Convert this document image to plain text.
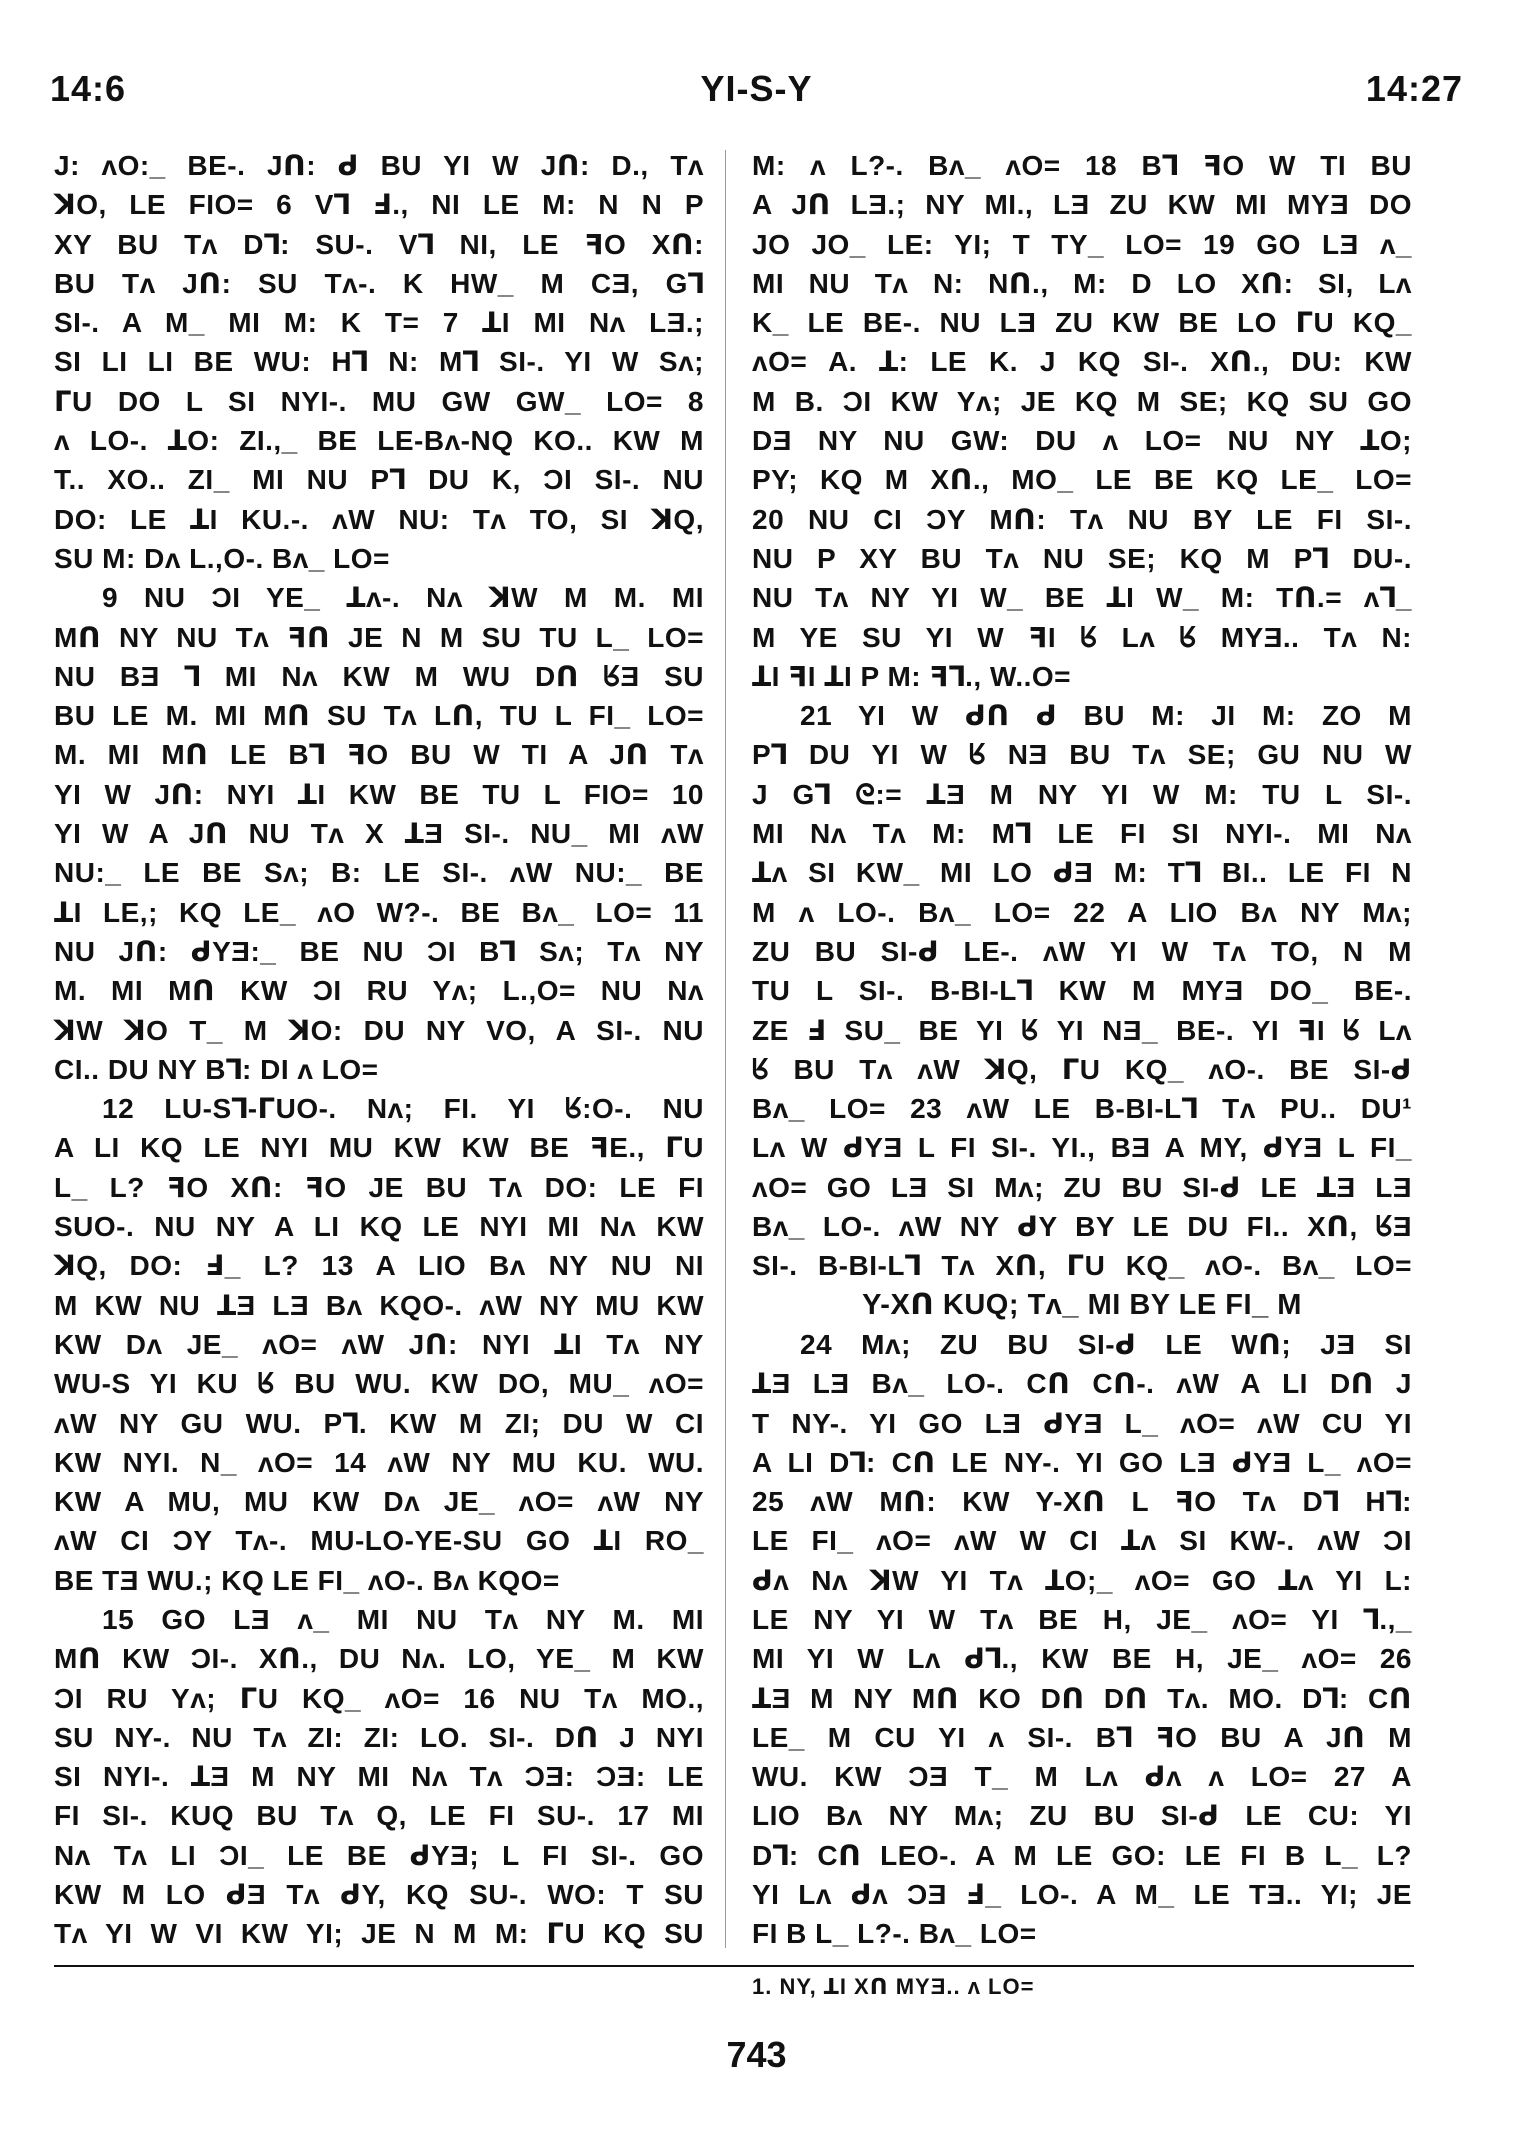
14:6	YI-S-Y	14:27
J: ʌO:_ BE-. Jᑎ: ᑯ BU YI W Jᑎ: D., Tʌ
ꓘO, LE FIO= 6 V⅂ Ⅎ., NI LE M: N N P
XY BU Tʌ D⅂: SU-. V⅂ NI, LE ꟻO Xᑎ:
BU Tʌ Jᑎ: SU Tʌ-. K HW_ M CƎ, G⅂
SI-. A M_ MI M: K T= 7 ꓕI MI Nʌ LƎ.;
SI LI LI BE WU: H⅂ N: M⅂ SI-. YI W Sʌ;
ᒥU DO L SI NYI-. MU GW GW_ LO= 8
ʌ LO-. ꓕO: ZI.,_ BE LE-Bʌ-NQ KO.. KW M
T.. XO.. ZI_ MI NU P⅂ DU K, ƆI SI-. NU
DO: LE ꓕI KU.-. ʌW NU: Tʌ TO, SI ꓘQ,
SU M: Dʌ L.,O-. Bʌ_ LO=
9 NU ƆI YE_ ꓕʌ-. Nʌ ꓘW M M. MI
Mᑎ NY NU Tʌ ꟻᑎ JE N M SU TU L_ LO=
NU BƎ ⅂ MI Nʌ KW M WU Dᑎ ᖉƎ SU
BU LE M. MI Mᑎ SU Tʌ Lᑎ, TU L FI_ LO=
M. MI Mᑎ LE B⅂ ꟻO BU W TI A Jᑎ Tʌ
YI W Jᑎ: NYI ꓕI KW BE TU L FIO= 10
YI W A Jᑎ NU Tʌ X ꓕƎ SI-. NU_ MI ʌW
NU:_ LE BE Sʌ; B: LE SI-. ʌW NU:_ BE
ꓕI LE,; KQ LE_ ʌO W?-. BE Bʌ_ LO= 11
NU Jᑎ: ᑯYƎ:_ BE NU ƆI B⅂ Sʌ; Tʌ NY
M. MI Mᑎ KW ƆI RU Yʌ; L.,O= NU Nʌ
ꓘW ꓘO T_ M ꓘO: DU NY VO, A SI-. NU
CI.. DU NY B⅂: DI ʌ LO=
12 LU-S⅂-ᒥUO-. Nʌ; FI. YI ᖉ:O-. NU
A LI KQ LE NYI MU KW KW BE ꟻE., ᒥU
L_ L? ꟻO Xᑎ: ꟻO JE BU Tʌ DO: LE FI
SUO-. NU NY A LI KQ LE NYI MI Nʌ KW
ꓘQ, DO: Ⅎ_ L? 13 A LIO Bʌ NY NU NI
M KW NU ꓕƎ LƎ Bʌ KQO-. ʌW NY MU KW
KW Dʌ JE_ ʌO= ʌW Jᑎ: NYI ꓕI Tʌ NY
WU-S YI KU ᖉ BU WU. KW DO, MU_ ʌO=
ʌW NY GU WU. P⅂. KW M ZI; DU W CI
KW NYI. N_ ʌO= 14 ʌW NY MU KU. WU.
KW A MU, MU KW Dʌ JE_ ʌO= ʌW NY
ʌW CI ƆY Tʌ-. MU-LO-YE-SU GO ꓕI RO_
BE TƎ WU.; KQ LE FI_ ʌO-. Bʌ KQO=
15 GO LƎ ʌ_ MI NU Tʌ NY M. MI
Mᑎ KW ƆI-. Xᑎ., DU Nʌ. LO, YE_ M KW
ƆI RU Yʌ; ᒥU KQ_ ʌO= 16 NU Tʌ MO.,
SU NY-. NU Tʌ ZI: ZI: LO. SI-. Dᑎ J NYI
SI NYI-. ꓕƎ M NY MI Nʌ Tʌ ƆƎ: ƆƎ: LE
FI SI-. KUQ BU Tʌ Q, LE FI SU-. 17 MI
Nʌ Tʌ LI ƆI_ LE BE ᑯYƎ; L FI SI-. GO
KW M LO ᑯƎ Tʌ ᑯY, KQ SU-. WO: T SU
Tʌ YI W VI KW YI; JE N M M: ᒥU KQ SU
M: ʌ L?-. Bʌ_ ʌO= 18 B⅂ ꟻO W TI BU
A Jᑎ LƎ.; NY MI., LƎ ZU KW MI MYƎ DO
JO JO_ LE: YI; T TY_ LO= 19 GO LƎ ʌ_
MI NU Tʌ N: Nᑎ., M: D LO Xᑎ: SI, Lʌ
K_ LE BE-. NU LƎ ZU KW BE LO ᒥU KQ_
ʌO= A. ꓕ: LE K. J KQ SI-. Xᑎ., DU: KW
M B. ƆI KW Yʌ; JE KQ M SE; KQ SU GO
DƎ NY NU GW: DU ʌ LO= NU NY ꓕO;
PY; KQ M Xᑎ., MO_ LE BE KQ LE_ LO=
20 NU CI ƆY Mᑎ: Tʌ NU BY LE FI SI-.
NU P XY BU Tʌ NU SE; KQ M P⅂ DU-.
NU Tʌ NY YI W_ BE ꓕI W_ M: Tᑎ.= ʌ⅂_
M YE SU YI W ꟻI ᖉ Lʌ ᖉ MYƎ.. Tʌ N:
ꓕI ꟻI ꓕI P M: ꟻ⅂., W..O=
21 YI W ᑯᑎ ᑯ BU M: JI M: ZO M
P⅂ DU YI W ᖉ NƎ BU Tʌ SE; GU NU W
J G⅂ ᘓ:= ꓕƎ M NY YI W M: TU L SI-.
MI Nʌ Tʌ M: M⅂ LE FI SI NYI-. MI Nʌ
ꓕʌ SI KW_ MI LO ᑯƎ M: T⅂ BI.. LE FI N
M ʌ LO-. Bʌ_ LO= 22 A LIO Bʌ NY Mʌ;
ZU BU SI-ᑯ LE-. ʌW YI W Tʌ TO, N M
TU L SI-. B-BI-L⅂ KW M MYƎ DO_ BE-.
ZE Ⅎ SU_ BE YI ᖉ YI NƎ_ BE-. YI ꟻI ᖉ Lʌ
ᖉ BU Tʌ ʌW ꓘQ, ᒥU KQ_ ʌO-. BE SI-ᑯ
Bʌ_ LO= 23 ʌW LE B-BI-L⅂ Tʌ PU.. DU¹
Lʌ W ᑯYƎ L FI SI-. YI., BƎ A MY, ᑯYƎ L FI_
ʌO= GO LƎ SI Mʌ; ZU BU SI-ᑯ LE ꓕƎ LƎ
Bʌ_ LO-. ʌW NY ᑯY BY LE DU FI.. Xᑎ, ᖉƎ
SI-. B-BI-L⅂ Tʌ Xᑎ, ᒥU KQ_ ʌO-. Bʌ_ LO=
Y-Xᑎ KUQ; Tʌ_ MI BY LE FI_ M
24 Mʌ; ZU BU SI-ᑯ LE Wᑎ; JƎ SI
ꓕƎ LƎ Bʌ_ LO-. Cᑎ Cᑎ-. ʌW A LI Dᑎ J
T NY-. YI GO LƎ ᑯYƎ L_ ʌO= ʌW CU YI
A LI D⅂: Cᑎ LE NY-. YI GO LƎ ᑯYƎ L_ ʌO=
25 ʌW Mᑎ: KW Y-Xᑎ L ꟻO Tʌ D⅂ H⅂:
LE FI_ ʌO= ʌW W CI ꓕʌ SI KW-. ʌW ƆI
ᑯʌ Nʌ ꓘW YI Tʌ ꓕO;_ ʌO= GO ꓕʌ YI L:
LE NY YI W Tʌ BE H, JE_ ʌO= YI ⅂.,_
MI YI W Lʌ ᑯ⅂., KW BE H, JE_ ʌO= 26
ꓕƎ M NY Mᑎ KO Dᑎ Dᑎ Tʌ. MO. D⅂: Cᑎ
LE_ M CU YI ʌ SI-. B⅂ ꟻO BU A Jᑎ M
WU. KW ƆƎ T_ M Lʌ ᑯʌ ʌ LO= 27 A
LIO Bʌ NY Mʌ; ZU BU SI-ᑯ LE CU: YI
D⅂: Cᑎ LEO-. A M LE GO: LE FI B L_ L?
YI Lʌ ᑯʌ ƆƎ Ⅎ_ LO-. A M_ LE TƎ.. YI; JE
FI B L_ L?-. Bʌ_ LO=
1. NY, ꓕI Xᑎ MYƎ.. ʌ LO=
743
